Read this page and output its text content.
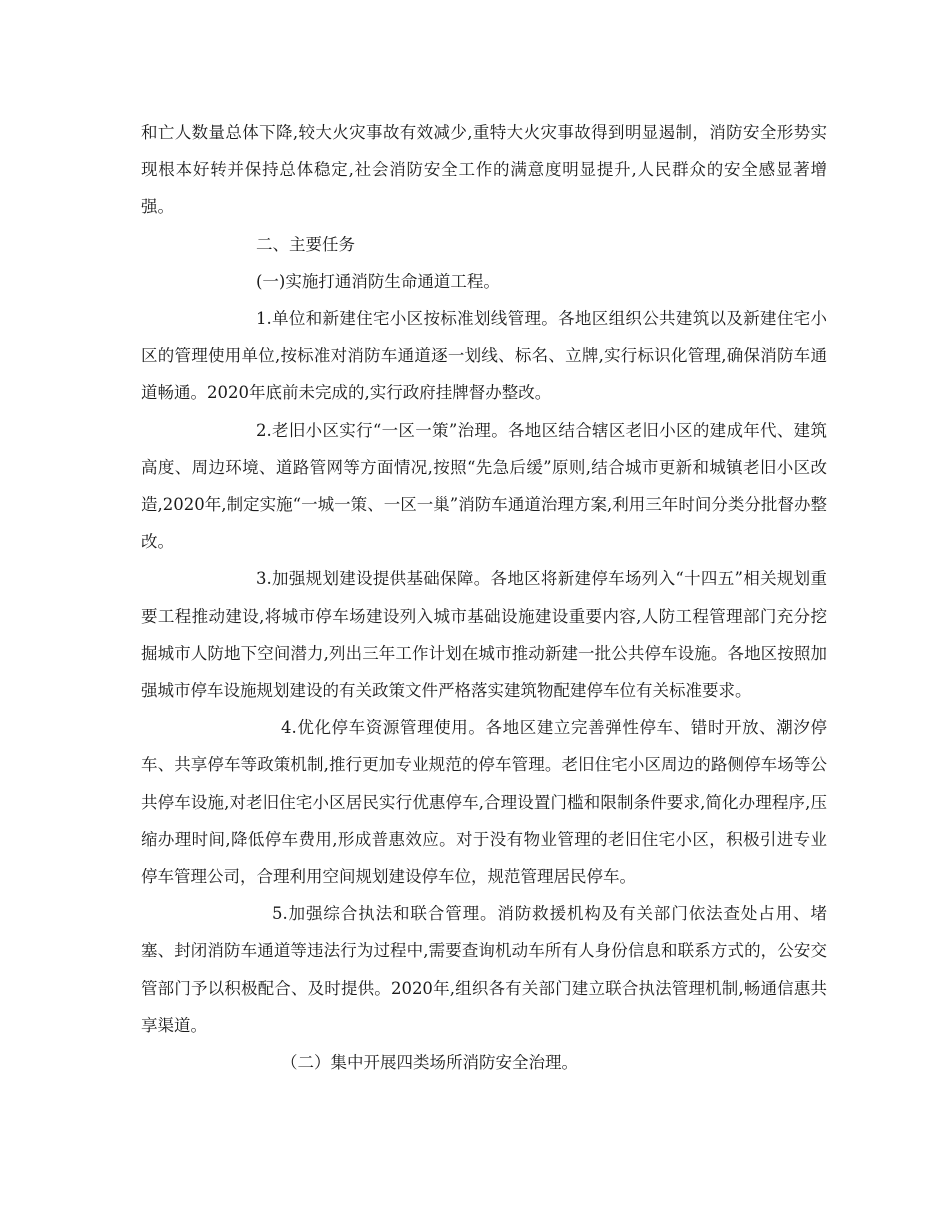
和亡人数量总体下降,较大火灾事故有效减少,重特大火灾事故得到明显遏制，消防安全形势实现根本好转并保持总体稳定,社会消防安全工作的满意度明显提升,人民群众的安全感显著增强。

二、主要任务

(一)实施打通消防生命通道工程。

1.单位和新建住宅小区按标准划线管理。各地区组织公共建筑以及新建住宅小区的管理使用单位,按标准对消防车通道逐一划线、标名、立牌,实行标识化管理,确保消防车通道畅通。2020年底前未完成的,实行政府挂牌督办整改。

2.老旧小区实行“一区一策”治理。各地区结合辖区老旧小区的建成年代、建筑高度、周边环境、道路管网等方面情况,按照“先急后缓”原则,结合城市更新和城镇老旧小区改造,2020年,制定实施“一城一策、一区一巢”消防车通道治理方案,利用三年时间分类分批督办整改。

3.加强规划建设提供基础保障。各地区将新建停车场列入“十四五”相关规划重要工程推动建设,将城市停车场建设列入城市基础设施建设重要内容,人防工程管理部门充分挖掘城市人防地下空间潜力,列出三年工作计划在城市推动新建一批公共停车设施。各地区按照加强城市停车设施规划建设的有关政策文件严格落实建筑物配建停车位有关标准要求。

4.优化停车资源管理使用。各地区建立完善弹性停车、错时开放、潮汐停车、共享停车等政策机制,推行更加专业规范的停车管理。老旧住宅小区周边的路侧停车场等公共停车设施,对老旧住宅小区居民实行优惠停车,合理设置门槛和限制条件要求,简化办理程序,压缩办理时间,降低停车费用,形成普惠效应。对于没有物业管理的老旧住宅小区，积极引进专业停车管理公司，合理利用空间规划建设停车位，规范管理居民停车。

5.加强综合执法和联合管理。消防救援机构及有关部门依法查处占用、堵塞、封闭消防车通道等违法行为过程中,需要查询机动车所有人身份信息和联系方式的，公安交管部门予以积极配合、及时提供。2020年,组织各有关部门建立联合执法管理机制,畅通信惠共享渠道。

（二）集中开展四类场所消防安全治理。
